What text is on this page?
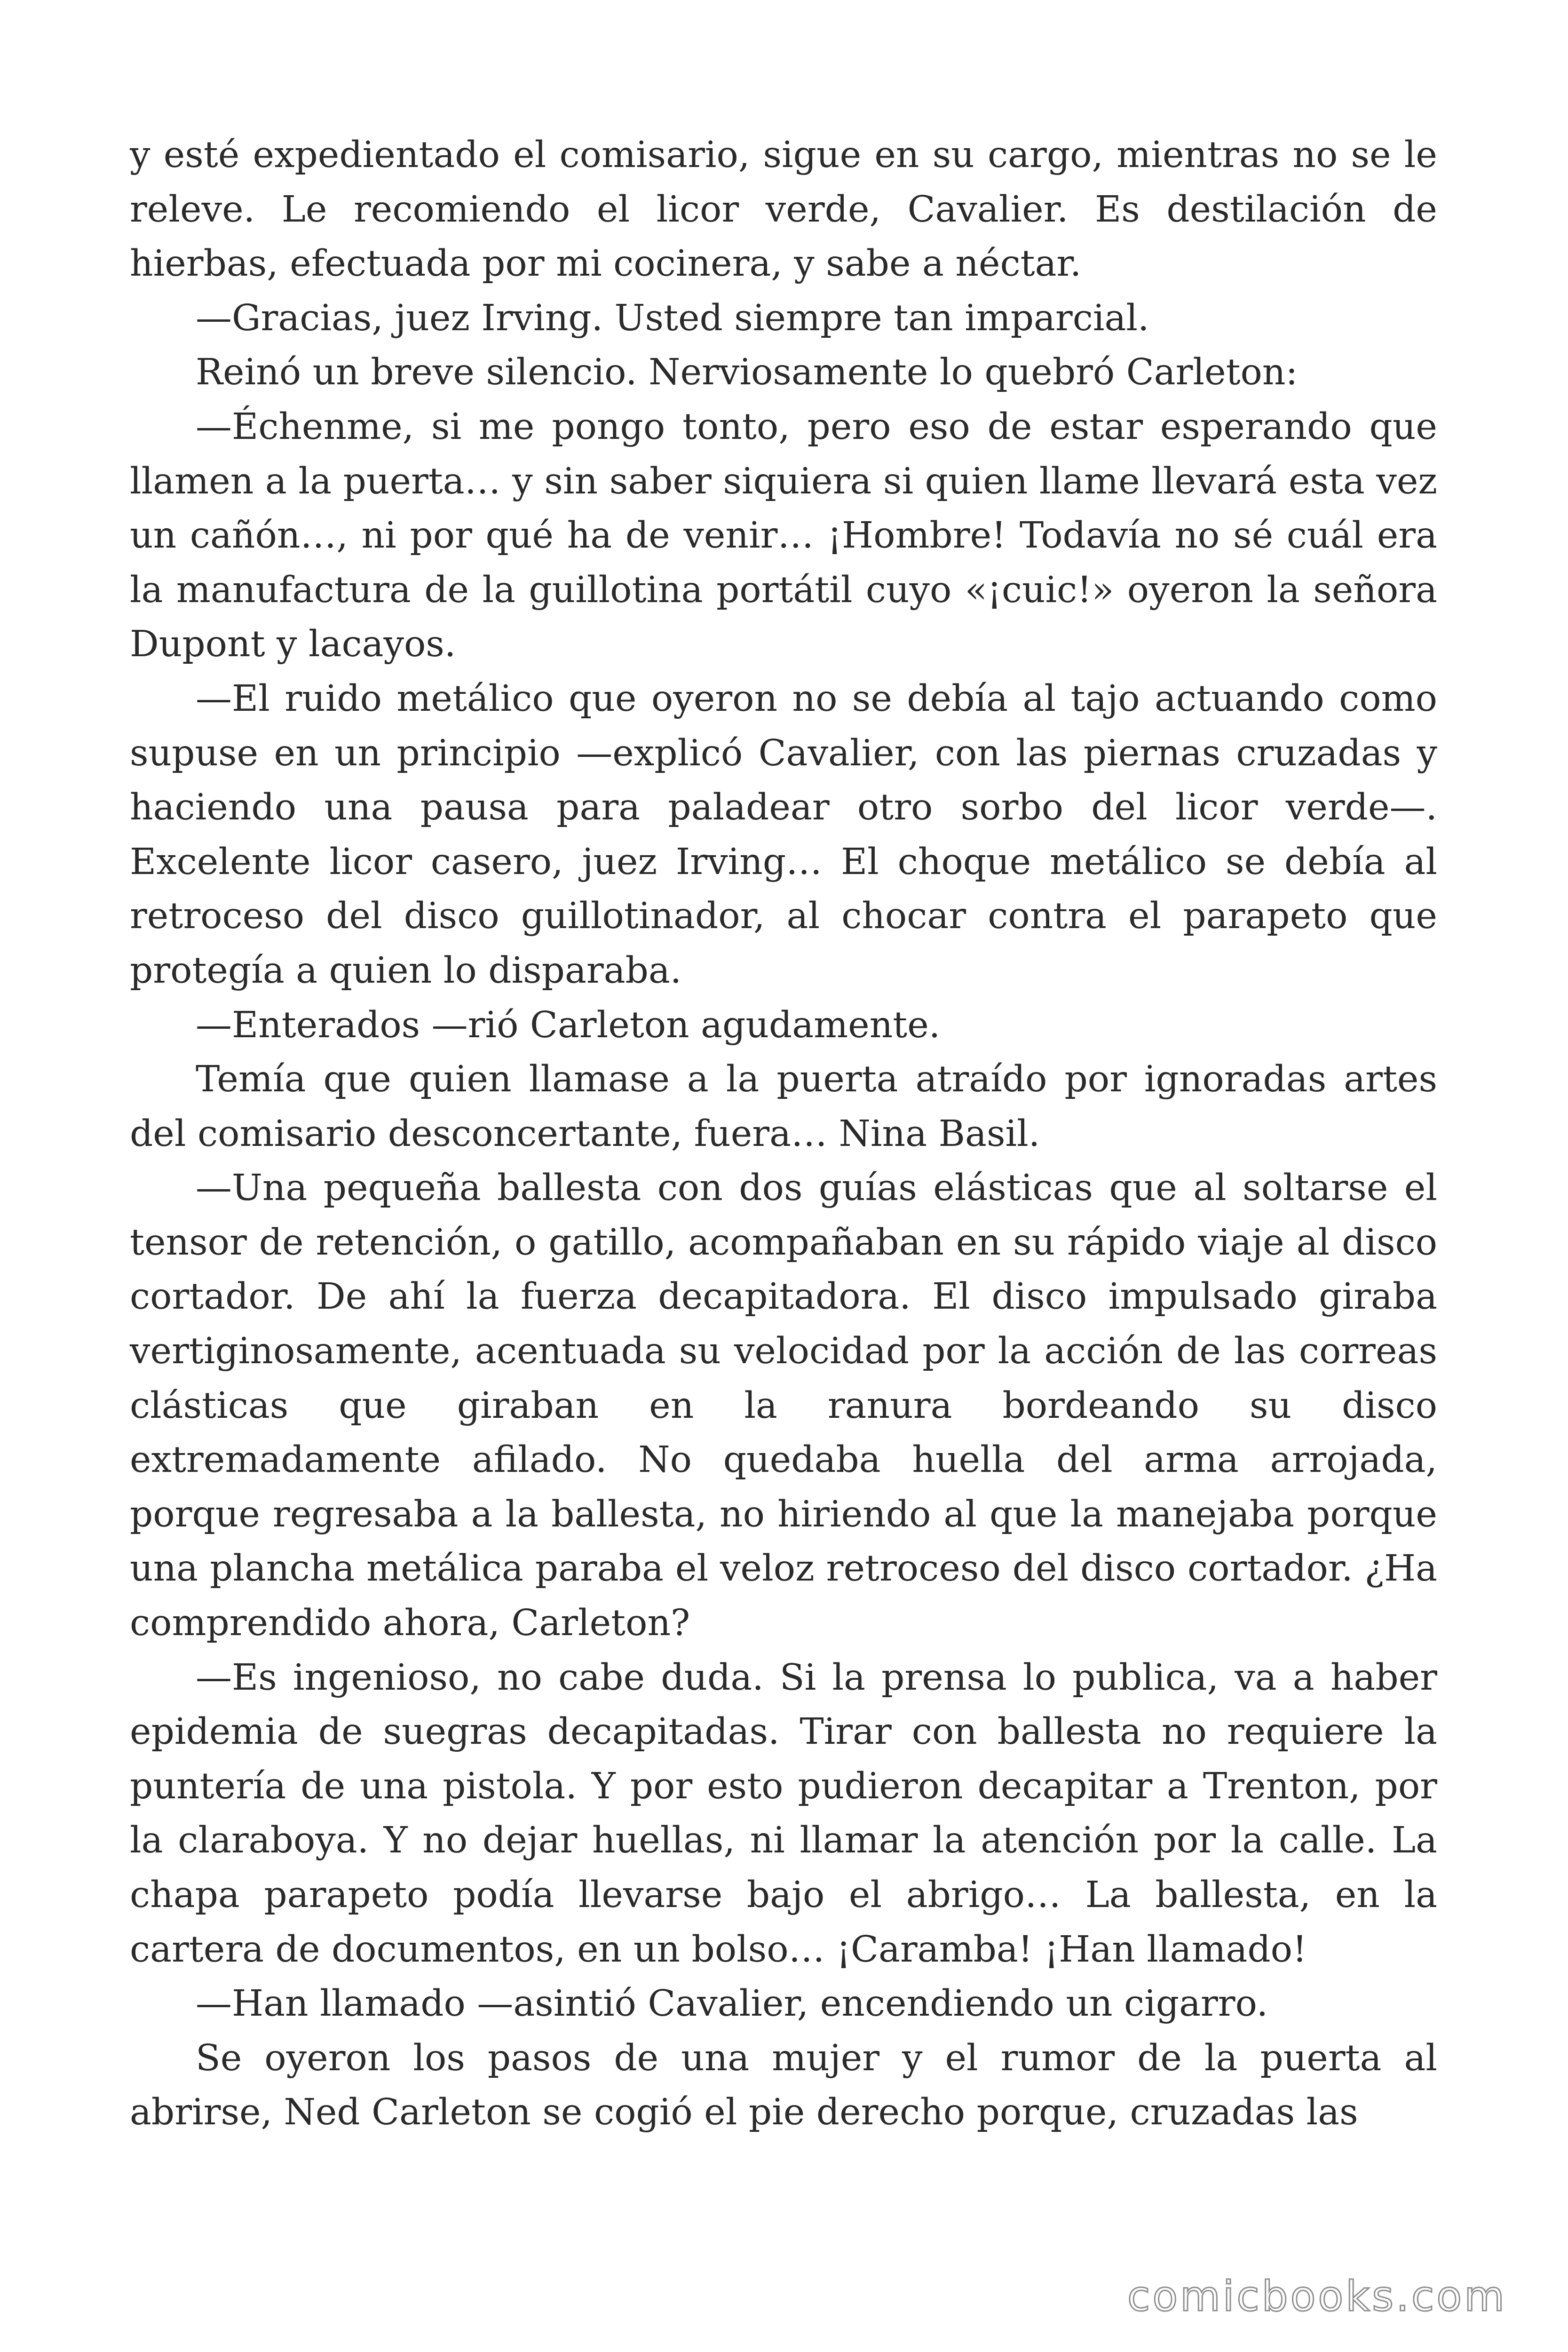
y esté expedientado el comisario, sigue en su cargo, mientras no se le releve. Le recomiendo el licor verde, Cavalier. Es destilación de hierbas, efectuada por mi cocinera, y sabe a néctar.

—Gracias, juez Irving. Usted siempre tan imparcial.

Reinó un breve silencio. Nerviosamente lo quebró Carleton:

—Échenme, si me pongo tonto, pero eso de estar esperando que llamen a la puerta… y sin saber siquiera si quien llame llevará esta vez un cañón…, ni por qué ha de venir… ¡Hombre! Todavía no sé cuál era la manufactura de la guillotina portátil cuyo «¡cuic!» oyeron la señora Dupont y lacayos.

—El ruido metálico que oyeron no se debía al tajo actuando como supuse en un principio —explicó Cavalier, con las piernas cruzadas y haciendo una pausa para paladear otro sorbo del licor verde—. Excelente licor casero, juez Irving… El choque metálico se debía al retroceso del disco guillotinador, al chocar contra el parapeto que protegía a quien lo disparaba.

—Enterados —rió Carleton agudamente.

Temía que quien llamase a la puerta atraído por ignoradas artes del comisario desconcertante, fuera… Nina Basil.

—Una pequeña ballesta con dos guías elásticas que al soltarse el tensor de retención, o gatillo, acompañaban en su rápido viaje al disco cortador. De ahí la fuerza decapitadora. El disco impulsado giraba vertiginosamente, acentuada su velocidad por la acción de las correas clásticas que giraban en la ranura bordeando su disco extremadamente afilado. No quedaba huella del arma arrojada, porque regresaba a la ballesta, no hiriendo al que la manejaba porque una plancha metálica paraba el veloz retroceso del disco cortador. ¿Ha comprendido ahora, Carleton?

—Es ingenioso, no cabe duda. Si la prensa lo publica, va a haber epidemia de suegras decapitadas. Tirar con ballesta no requiere la puntería de una pistola. Y por esto pudieron decapitar a Trenton, por la claraboya. Y no dejar huellas, ni llamar la atención por la calle. La chapa parapeto podía llevarse bajo el abrigo… La ballesta, en la cartera de documentos, en un bolso… ¡Caramba! ¡Han llamado!

—Han llamado —asintió Cavalier, encendiendo un cigarro.

Se oyeron los pasos de una mujer y el rumor de la puerta al abrirse, Ned Carleton se cogió el pie derecho porque, cruzadas las

comicbooks.com
